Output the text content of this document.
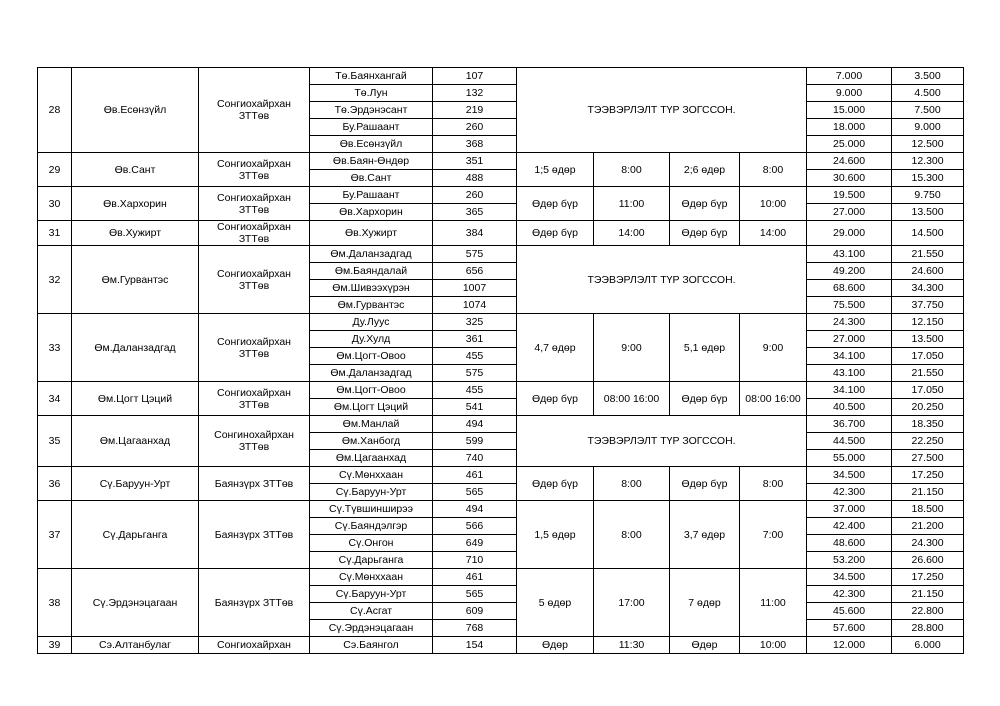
28	Өв.Есөнзүйл	Сонгиохайрхан ЗТТөв	Тө.Баянхангай	107	ТЭЭВЭРЛЭЛТ ТҮР ЗОГССОН.				7.000	3.500
			Тө.Лун	132					9.000	4.500
			Тө.Эрдэнэсант	219					15.000	7.500
			Бу.Рашаант	260					18.000	9.000
			Өв.Есөнзүйл	368					25.000	12.500
29	Өв.Сант	Сонгиохайрхан ЗТТөв	Өв.Баян-Өндөр	351	1;5 өдөр	8:00	2;6 өдөр	8:00	24.600	12.300
			Өв.Сант	488					30.600	15.300
30	Өв.Хархорин	Сонгиохайрхан ЗТТөв	Бу.Рашаант	260	Өдөр бүр	11:00	Өдөр бүр	10:00	19.500	9.750
			Өв.Хархорин	365					27.000	13.500
31	Өв.Хужирт	Сонгиохайрхан ЗТТөв	Өв.Хужирт	384	Өдөр бүр	14:00	Өдөр бүр	14:00	29.000	14.500
32	Өм.Гурвантэс	Сонгиохайрхан ЗТТөв	Өм.Даланзадгад	575	ТЭЭВЭРЛЭЛТ ТҮР ЗОГССОН.				43.100	21.550
			Өм.Баяндалай	656					49.200	24.600
			Өм.Шивээхүрэн	1007					68.600	34.300
			Өм.Гурвантэс	1074					75.500	37.750
33	Өм.Даланзадгад	Сонгиохайрхан ЗТТөв	Ду.Луус	325	4,7 өдөр	9:00	5,1 өдөр	9:00	24.300	12.150
			Ду.Хулд	361					27.000	13.500
			Өм.Цогт-Овоо	455					34.100	17.050
			Өм.Даланзадгад	575					43.100	21.550
34	Өм.Цогт Цэций	Сонгиохайрхан ЗТТөв	Өм.Цогт-Овоо	455	Өдөр бүр	08:00 16:00	Өдөр бүр	08:00 16:00	34.100	17.050
			Өм.Цогт Цэций	541					40.500	20.250
35	Өм.Цагаанхад	Сонгинохайрхан ЗТТөв	Өм.Манлай	494	ТЭЭВЭРЛЭЛТ ТҮР ЗОГССОН.				36.700	18.350
			Өм.Ханбогд	599					44.500	22.250
			Өм.Цагаанхад	740					55.000	27.500
36	Сү.Баруун-Урт	Баянзүрх ЗТТөв	Сү.Мөнххаан	461	Өдөр бүр	8:00	Өдөр бүр	8:00	34.500	17.250
			Сү.Баруун-Урт	565					42.300	21.150
37	Сү.Дарьганга	Баянзүрх ЗТТөв	Сү.Түвшинширээ	494	1,5 өдөр	8:00	3,7 өдөр	7:00	37.000	18.500
			Сү.Баяндэлгэр	566					42.400	21.200
			Сү.Онгон	649					48.600	24.300
			Сү.Дарьганга	710					53.200	26.600
38	Сү.Эрдэнэцагаан	Баянзүрх ЗТТөв	Сү.Мөнххаан	461	5 өдөр	17:00	7 өдөр	11:00	34.500	17.250
			Сү.Баруун-Урт	565					42.300	21.150
			Сү.Асгат	609					45.600	22.800
			Сү.Эрдэнэцагаан	768					57.600	28.800
39	Сэ.Алтанбулаг	Сонгиохайрхан	Сэ.Баянгол	154	Өдөр	11:30	Өдөр	10:00	12.000	6.000
